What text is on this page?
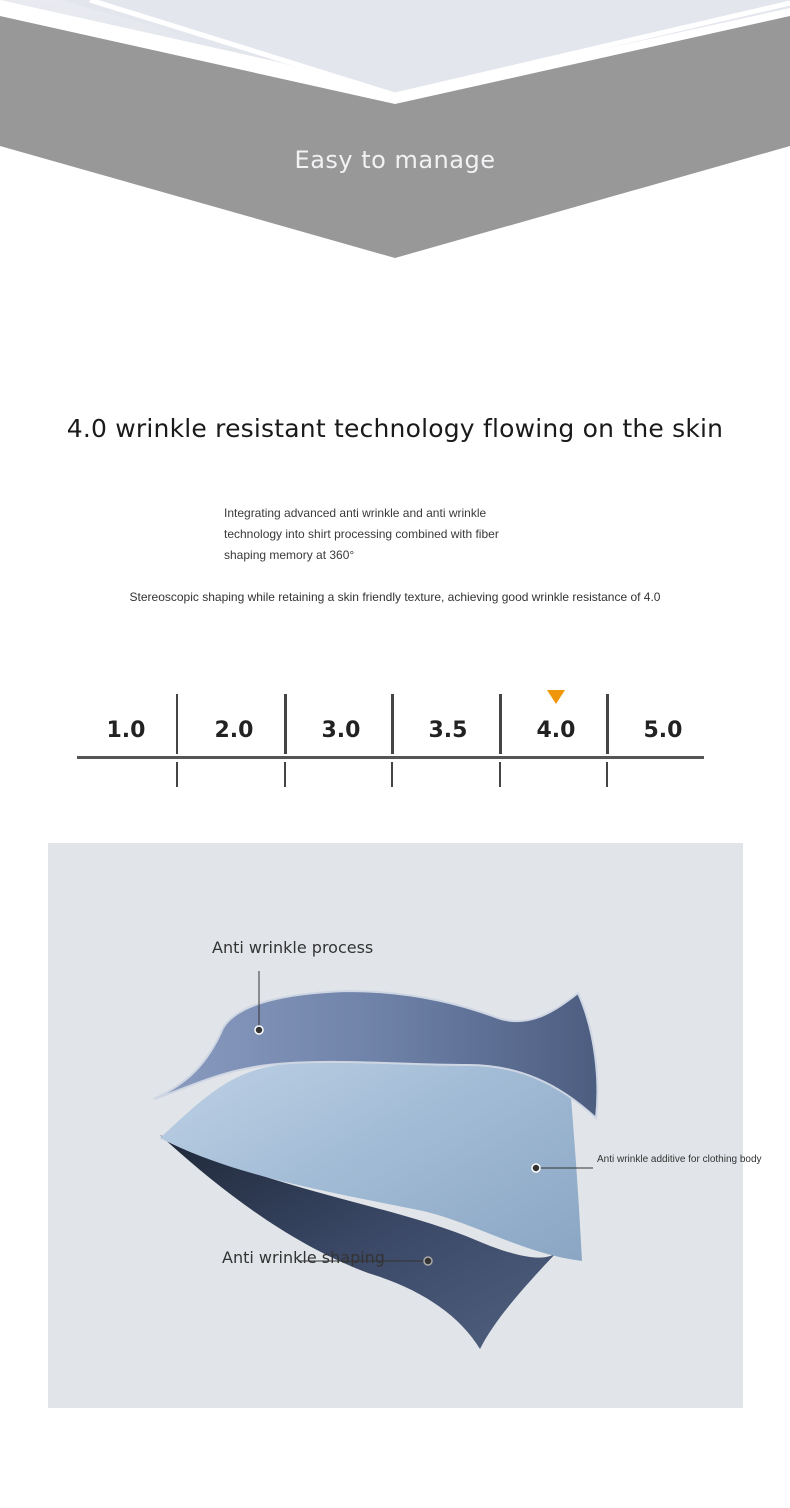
Easy to manage
4.0 wrinkle resistant technology flowing on the skin
Integrating advanced anti wrinkle and anti wrinkle
technology into shirt processing combined with fiber
shaping memory at 360°
Stereoscopic shaping while retaining a skin friendly texture, achieving good wrinkle resistance of 4.0
1.0	2.0	3.0	3.5	4.0	5.0
Anti wrinkle process
Anti wrinkle additive for clothing body
Anti wrinkle shaping
